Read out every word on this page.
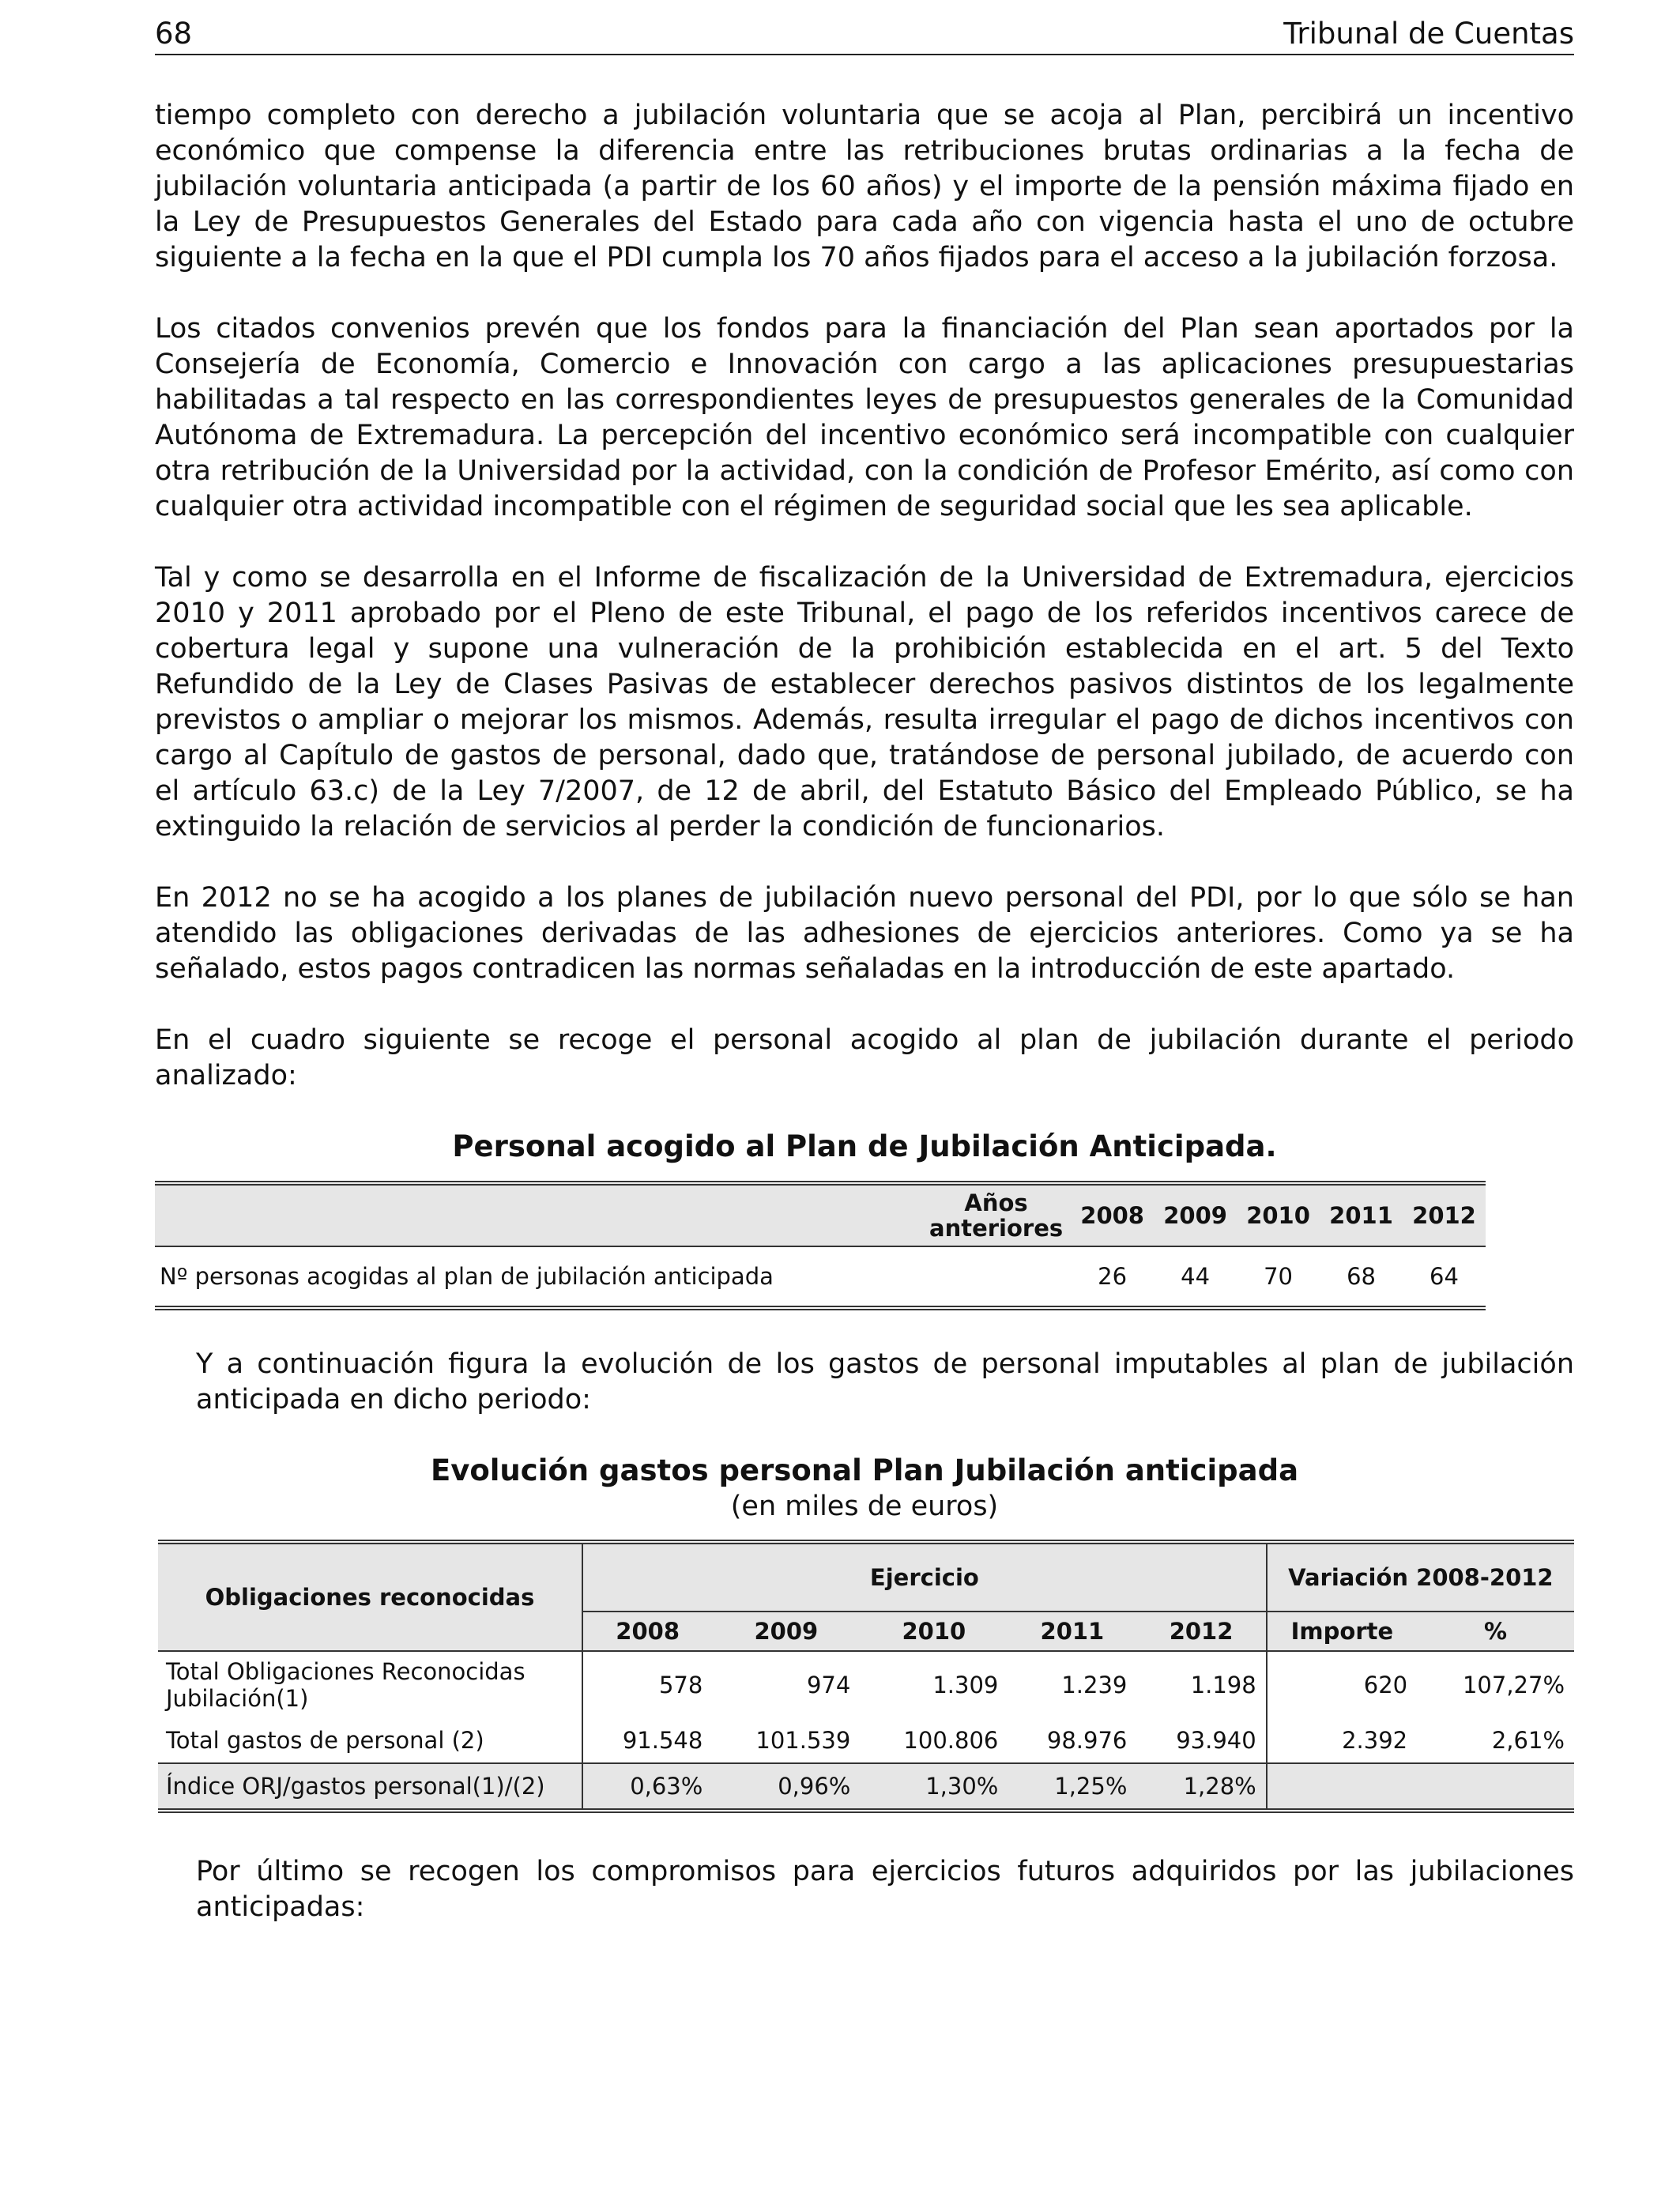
68	Tribunal de Cuentas

tiempo completo con derecho a jubilación voluntaria que se acoja al Plan, percibirá un incentivo económico que compense la diferencia entre las retribuciones brutas ordinarias a la fecha de jubilación voluntaria anticipada (a partir de los 60 años) y el importe de la pensión máxima fijado en la Ley de Presupuestos Generales del Estado para cada año con vigencia hasta el uno de octubre siguiente a la fecha en la que el PDI cumpla los 70 años fijados para el acceso a la jubilación forzosa.

Los citados convenios prevén que los fondos para la financiación del Plan sean aportados por la Consejería de Economía, Comercio e Innovación con cargo a las aplicaciones presupuestarias habilitadas a tal respecto en las correspondientes leyes de presupuestos generales de la Comunidad Autónoma de Extremadura. La percepción del incentivo económico será incompatible con cualquier otra retribución de la Universidad por la actividad, con la condición de Profesor Emérito, así como con cualquier otra actividad incompatible con el régimen de seguridad social que les sea aplicable.

Tal y como se desarrolla en el Informe de fiscalización de la Universidad de Extremadura, ejercicios 2010 y 2011 aprobado por el Pleno de este Tribunal, el pago de los referidos incentivos carece de cobertura legal y supone una vulneración de la prohibición establecida en el art. 5 del Texto Refundido de la Ley de Clases Pasivas de establecer derechos pasivos distintos de los legalmente previstos o ampliar o mejorar los mismos. Además, resulta irregular el pago de dichos incentivos con cargo al Capítulo de gastos de personal, dado que, tratándose de personal jubilado, de acuerdo con el artículo 63.c) de la Ley 7/2007, de 12 de abril, del Estatuto Básico del Empleado Público, se ha extinguido la relación de servicios al perder la condición de funcionarios.

En 2012 no se ha acogido a los planes de jubilación nuevo personal del PDI, por lo que sólo se han atendido las obligaciones derivadas de las adhesiones de ejercicios anteriores. Como ya se ha señalado, estos pagos contradicen las normas señaladas en la introducción de este apartado.

En el cuadro siguiente se recoge el personal acogido al plan de jubilación durante el periodo analizado:

Personal acogido al Plan de Jubilación Anticipada.
	Años anteriores	2008	2009	2010	2011	2012
Nº personas acogidas al plan de jubilación anticipada		26	44	70	68	64

Y a continuación figura la evolución de los gastos de personal imputables al plan de jubilación anticipada en dicho periodo:

Evolución gastos personal Plan Jubilación anticipada
(en miles de euros)
Obligaciones reconocidas	Ejercicio					Variación 2008-2012	
	2008	2009	2010	2011	2012	Importe	%
Total Obligaciones Reconocidas Jubilación(1)	578	974	1.309	1.239	1.198	620	107,27%
Total gastos de personal (2)	91.548	101.539	100.806	98.976	93.940	2.392	2,61%
Índice ORJ/gastos personal(1)/(2)	0,63%	0,96%	1,30%	1,25%	1,28%		

Por último se recogen los compromisos para ejercicios futuros adquiridos por las jubilaciones anticipadas:
